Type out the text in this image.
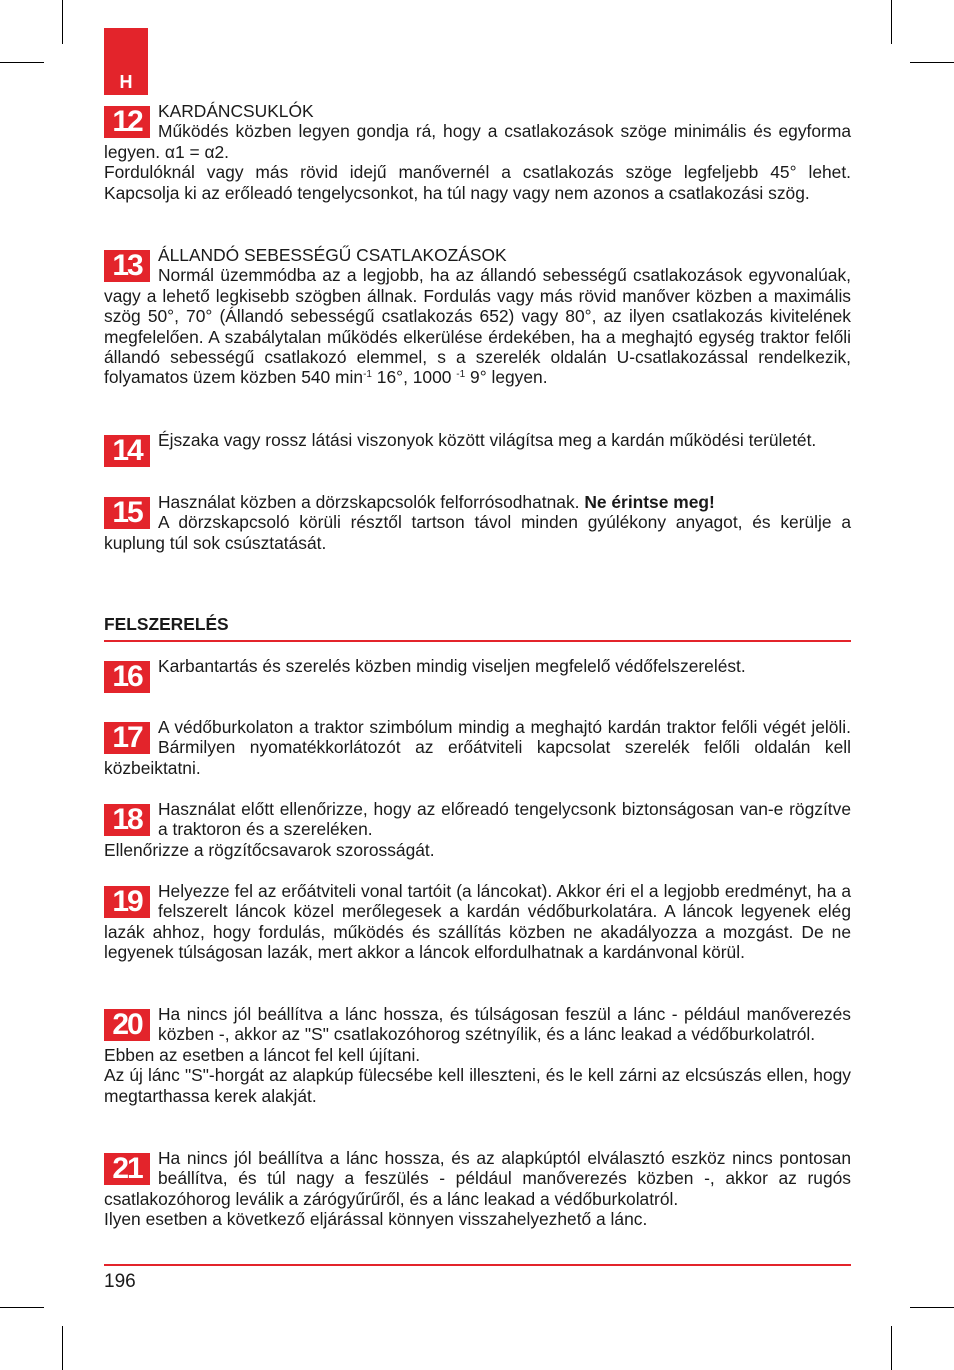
H
12 KARDÁNCSUKLÓK
Működés közben legyen gondja rá, hogy a csatlakozások szöge minimális és egyforma legyen. α1 = α2.
Fordulóknál vagy más rövid idejű manővernél a csatlakozás szöge legfeljebb 45° lehet. Kapcsolja ki az erőleadó tengelycsonkot, ha túl nagy vagy nem azonos a csatlakozási szög.
13 ÁLLANDÓ SEBESSÉGŰ CSATLAKOZÁSOK
Normál üzemmódba az a legjobb, ha az állandó sebességű csatlakozások egyvonalúak, vagy a lehető legkisebb szögben állnak. Fordulás vagy más rövid manőver közben a maximális szög 50°, 70° (Állandó sebességű csatlakozás 652) vagy 80°, az ilyen csatlakozás kivitelének megfelelően. A szabálytalan működés elkerülése érdekében, ha a meghajtó egység traktor felőli állandó sebességű csatlakozó elemmel, s a szerelék oldalán U-csatlakozással rendelkezik, folyamatos üzem közben 540 $\min^{-1} 16^\circ$, 1000 $^{-1}$ 9° legyen.
14 Éjszaka vagy rossz látási viszonyok között világítsa meg a kardán működési területét.
15 Használat közben a dörzskapcsolók felforrósodhatnak. Ne érintse meg!
A dörzskapcsoló körüli résztől tartson távol minden gyúlékony anyagot, és kerülje a kuplung túl sok csúsztatását.
FELSZERELÉS
16 Karbantartás és szerelés közben mindig viseljen megfelelő védőfelszerelést.
17 A védőburkolaton a traktor szimbólum mindig a meghajtó kardán traktor felőli végét jelöli. Bármilyen nyomatékkorlátozót az erőátviteli kapcsolat szerelék felőli oldalán kell közbeiktatni.
18 Használat előtt ellenőrizze, hogy az előreadó tengelycsonk biztonságosan van-e rögzítve a traktoron és a szereléken.
Ellenőrizze a rögzítőcsavarok szorosságát.
19 Helyezze fel az erőátviteli vonal tartóit (a láncokat). Akkor éri el a legjobb eredményt, ha a felszerelt láncok közel merőlegesek a kardán védőburkolatára. A láncok legyenek elég lazák ahhoz, hogy fordulás, működés és szállítás közben ne akadályozza a mozgást. De ne legyenek túlságosan lazák, mert akkor a láncok elfordulhatnak a kardánvonal körül.
20 Ha nincs jól beállítva a lánc hossza, és túlságosan feszül a lánc - például manőverezés közben -, akkor az "S" csatlakozóhorog szétnyílik, és a lánc leakad a védőburkolatról.
Ebben az esetben a láncot fel kell újítani.
Az új lánc "S"-horgát az alapkúp fülecsébe kell illeszteni, és le kell zárni az elcsúszás ellen, hogy megtarthassa kerek alakját.
21 Ha nincs jól beállítva a lánc hossza, és az alapkúptól elválasztó eszköz nincs pontosan beállítva, és túl nagy a feszülés - például manőverezés közben -, akkor az rugós csatlakozóhorog leválik a zárógyűrűről, és a lánc leakad a védőburkolatról.
Ilyen esetben a következő eljárással könnyen visszahelyezhető a lánc.
196
